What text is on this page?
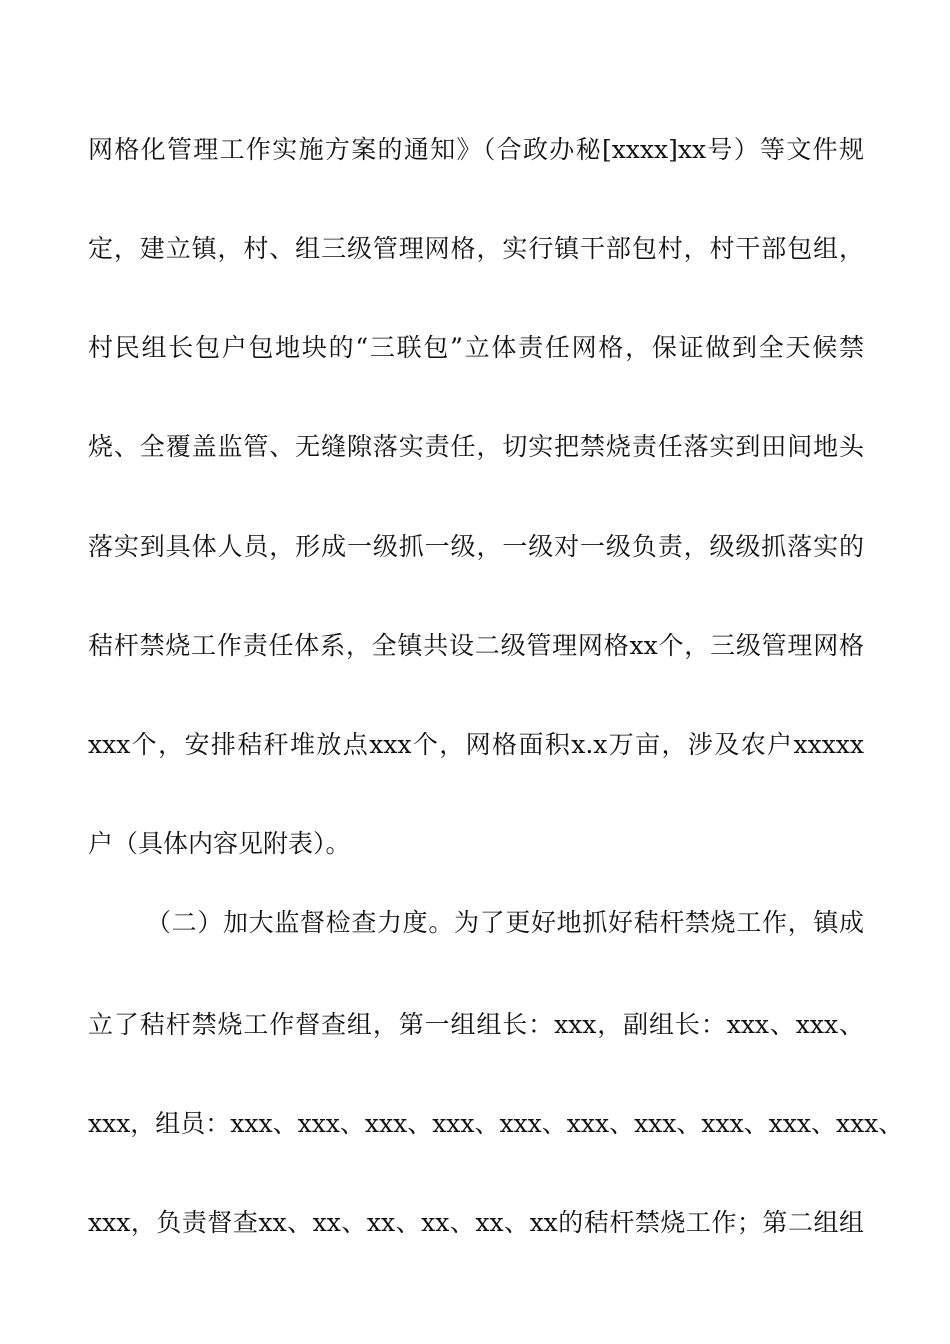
网格化管理工作实施方案的通知》（合政办秘[xxxx]xx号）等文件规
定，建立镇，村、组三级管理网格，实行镇干部包村，村干部包组，
村民组长包户包地块的“三联包”立体责任网格，保证做到全天候禁
烧、全覆盖监管、无缝隙落实责任，切实把禁烧责任落实到田间地头
落实到具体人员，形成一级抓一级，一级对一级负责，级级抓落实的
秸杆禁烧工作责任体系，全镇共设二级管理网格xx个，三级管理网格
xxx个，安排秸秆堆放点xxx个，网格面积x.x万亩，涉及农户xxxxx
户（具体内容见附表）。
（二）加大监督检查力度。为了更好地抓好秸杆禁烧工作，镇成
立了秸杆禁烧工作督查组，第一组组长：xxx，副组长：xxx、xxx、
xxx，组员：xxx、xxx、xxx、xxx、xxx、xxx、xxx、xxx、xxx、xxx、
xxx，负责督查xx、xx、xx、xx、xx、xx的秸杆禁烧工作；第二组组
